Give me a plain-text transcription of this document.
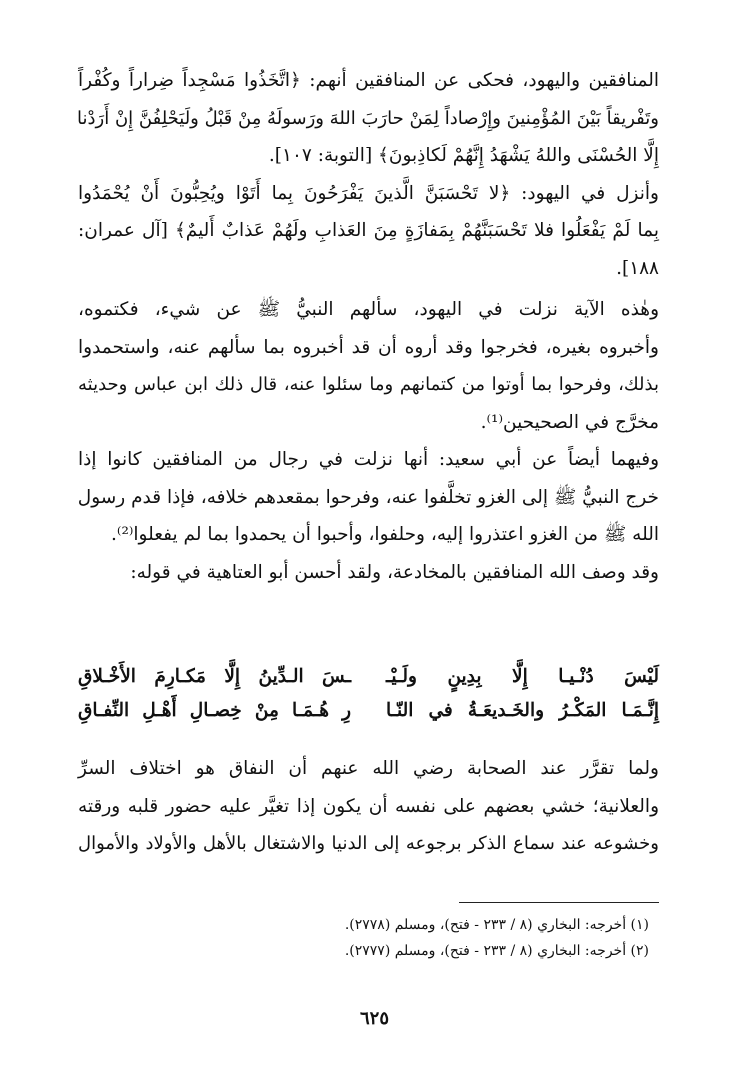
المنافقين واليهود، فحكى عن المنافقين أنهم: ﴿اتَّخَذُوا مَسْجِداً ضِراراً وكُفْراً
وتَفْريقاً بَيْنَ المُؤْمِنينَ وإِرْصاداً لِمَنْ حارَبَ اللهَ ورَسولَهُ مِنْ قَبْلُ ولَيَحْلِفُنَّ إِنْ أَرَدْنا
إِلَّا الحُسْنَى واللهُ يَشْهَدُ إِنَّهُمْ لَكاذِبونَ﴾ [التوبة: ١٠٧].
وأنزل في اليهود: ﴿لا تَحْسَبَنَّ الَّذينَ يَفْرَحُونَ بِما أَتَوْا ويُحِبُّونَ أَنْ يُحْمَدُوا
بِما لَمْ يَفْعَلُوا فلا تَحْسَبَنَّهُمْ بِمَفازَةٍ مِنَ العَذابِ ولَهُمْ عَذابٌ أَليمٌ﴾ [آل عمران:
١٨٨].
وهٰذه الآية نزلت في اليهود، سألهم النبيُّ ﷺ عن شيء، فكتموه،
وأخبروه بغيره، فخرجوا وقد أروه أن قد أخبروه بما سألهم عنه، واستحمدوا
بذلك، وفرحوا بما أوتوا من كتمانهم وما سئلوا عنه، قال ذلك ابن عباس وحديثه
مخرَّج في الصحيحين⁽¹⁾.
وفيهما أيضاً عن أبي سعيد: أنها نزلت في رجال من المنافقين كانوا إذا
خرج النبيُّ ﷺ إلى الغزو تخلَّفوا عنه، وفرحوا بمقعدهم خلافه، فإذا قدم رسول
الله ﷺ من الغزو اعتذروا إليه، وحلفوا، وأحبوا أن يحمدوا بما لم يفعلوا⁽²⁾.
وقد وصف الله المنافقين بالمخادعة، ولقد أحسن أبو العتاهية في قوله:
لَيْسَ دُنْـيـا إِلَّا بِدِينٍ ولَـيْـ
ـسَ الـدِّينُ إِلَّا مَكـارِمَ الأَخْـلاقِ
إِنَّـمَـا المَكْـرُ والخَـديعَـةُ في النّـا
رِ هُـمَـا مِنْ خِصـالِ أَهْـلِ النِّفـاقِ
ولما تقرَّر عند الصحابة رضي الله عنهم أن النفاق هو اختلاف السرِّ
والعلانية؛ خشي بعضهم على نفسه أن يكون إذا تغيَّر عليه حضور قلبه ورقته
وخشوعه عند سماع الذكر برجوعه إلى الدنيا والاشتغال بالأهل والأولاد والأموال
(١) أخرجه: البخاري (٨ / ٢٣٣ - فتح)، ومسلم (٢٧٧٨).
(٢) أخرجه: البخاري (٨ / ٢٣٣ - فتح)، ومسلم (٢٧٧٧).
٦٢٥
